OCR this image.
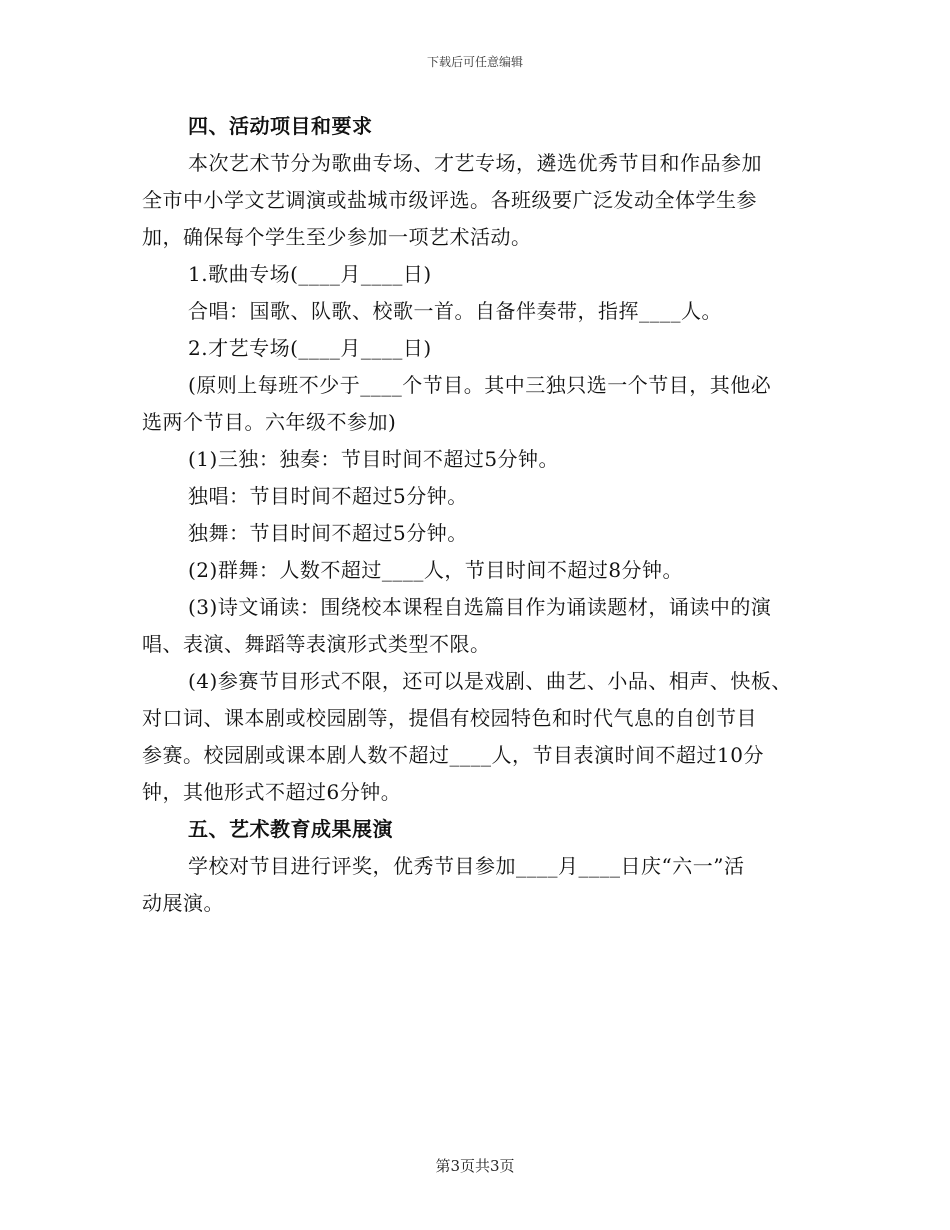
下载后可任意编辑
四、活动项目和要求
本次艺术节分为歌曲专场、才艺专场，遴选优秀节目和作品参加
全市中小学文艺调演或盐城市级评选。各班级要广泛发动全体学生参
加，确保每个学生至少参加一项艺术活动。
1.歌曲专场(____月____日)
合唱：国歌、队歌、校歌一首。自备伴奏带，指挥____人。
2.才艺专场(____月____日)
(原则上每班不少于____个节目。其中三独只选一个节目，其他必
选两个节目。六年级不参加)
(1)三独：独奏：节目时间不超过5分钟。
独唱：节目时间不超过5分钟。
独舞：节目时间不超过5分钟。
(2)群舞：人数不超过____人，节目时间不超过8分钟。
(3)诗文诵读：围绕校本课程自选篇目作为诵读题材，诵读中的演
唱、表演、舞蹈等表演形式类型不限。
(4)参赛节目形式不限，还可以是戏剧、曲艺、小品、相声、快板、
对口词、课本剧或校园剧等，提倡有校园特色和时代气息的自创节目
参赛。校园剧或课本剧人数不超过____人，节目表演时间不超过10分
钟，其他形式不超过6分钟。
五、艺术教育成果展演
学校对节目进行评奖，优秀节目参加____月____日庆“六一”活
动展演。
第3页共3页
